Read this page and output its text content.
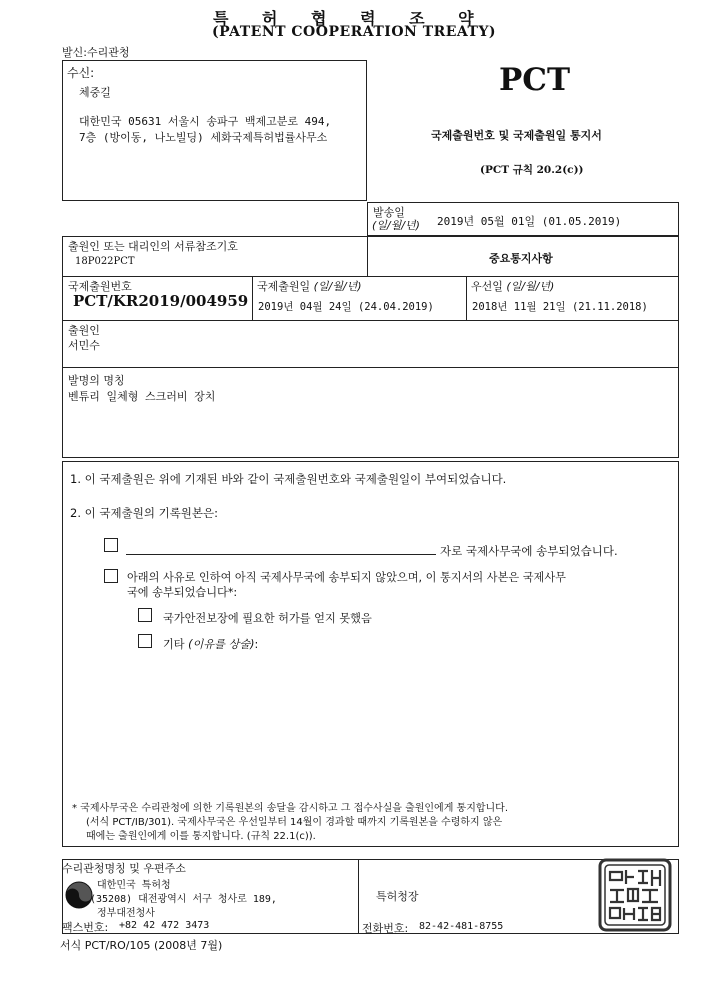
특 허 협 력 조 약
(PATENT COOPERATION TREATY)
발신:수리관청
수신:
체중길
대한민국 05631 서울시 송파구 백제고분로 494,
7층 (방이동, 나노빌딩) 세화국제특허법률사무소
PCT
국제출원번호 및 국제출원일 통지서
(PCT 규칙 20.2(c))
발송일
(일/월/년) 2019년 05월 01일 (01.05.2019)
출원인 또는 대리인의 서류참조기호
18P022PCT	중요통지사항
국제출원번호
PCT/KR2019/004959
국제출원일 (일/월/년)
2019년 04월 24일 (24.04.2019)
우선일 (일/월/년)
2018년 11월 21일 (21.11.2018)
출원인
서민수
발명의 명칭
벤튜리 일체형 스크러비 장치
1. 이 국제출원은 위에 기재된 바와 같이 국제출원번호와 국제출원일이 부여되었습니다.
2. 이 국제출원의 기록원본은:
자로 국제사무국에 송부되었습니다.
아래의 사유로 인하여 아직 국제사무국에 송부되지 않았으며, 이 통지서의 사본은 국제사무
국에 송부되었습니다*:
국가안전보장에 필요한 허가를 얻지 못했음
기타 (이유를 상술):
* 국제사무국은 수리관청에 의한 기록원본의 송달을 감시하고 그 접수사실을 출원인에게 통지합니다.
(서식 PCT/IB/301). 국제사무국은 우선일부터 14월이 경과할 때까지 기록원본을 수령하지 않은
때에는 출원인에게 이를 통지합니다. (규칙 22.1(c)).
수리관청명칭 및 우편주소
대한민국 특허청
(35208) 대전광역시 서구 청사로 189,
정부대전청사
팩스번호: +82 42 472 3473
특허청장
전화번호: 82-42-481-8755
서식 PCT/RO/105 (2008년 7월)
